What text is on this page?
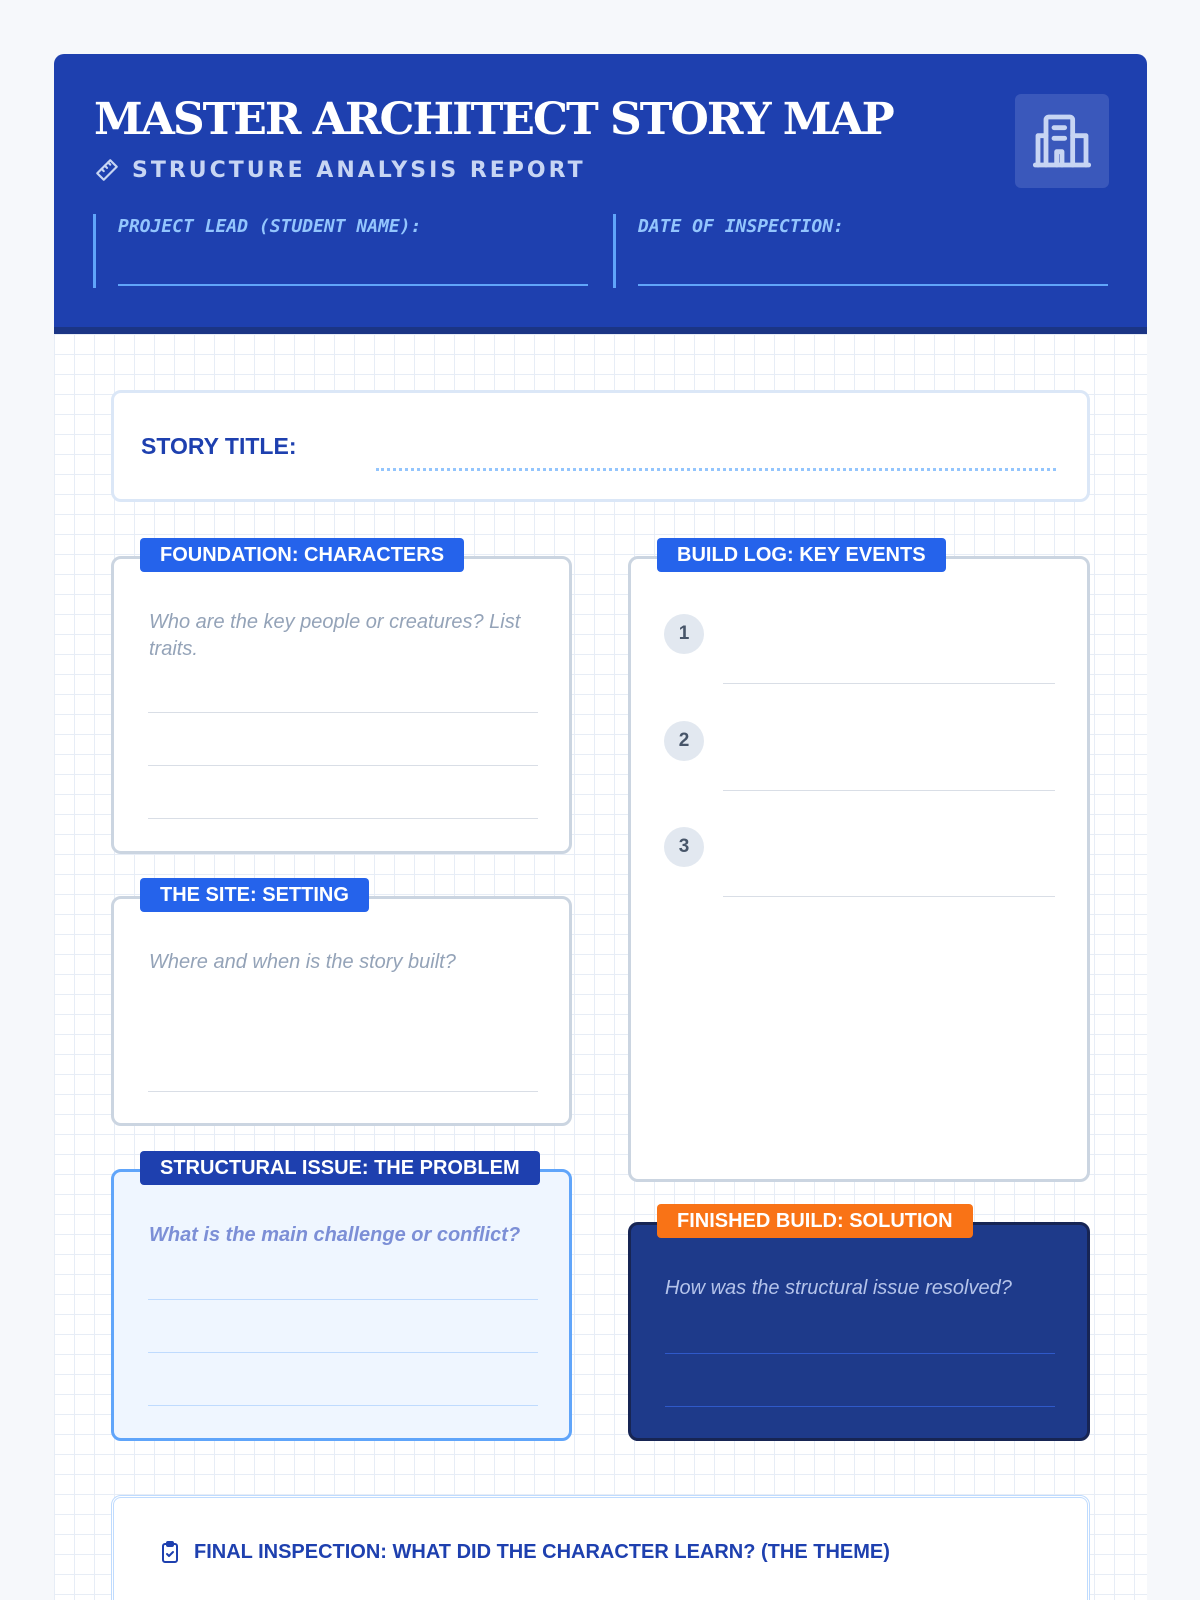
MASTER ARCHITECT STORY MAP
STRUCTURE ANALYSIS REPORT
PROJECT LEAD (STUDENT NAME):	DATE OF INSPECTION:
STORY TITLE:
Who are the key people or creatures? List traits.
FOUNDATION: CHARACTERS
Where and when is the story built?
THE SITE: SETTING
What is the main challenge or conflict?
STRUCTURAL ISSUE: THE PROBLEM
1
2
3
BUILD LOG: KEY EVENTS
How was the structural issue resolved?
FINISHED BUILD: SOLUTION
FINAL INSPECTION: WHAT DID THE CHARACTER LEARN? (THE THEME)
